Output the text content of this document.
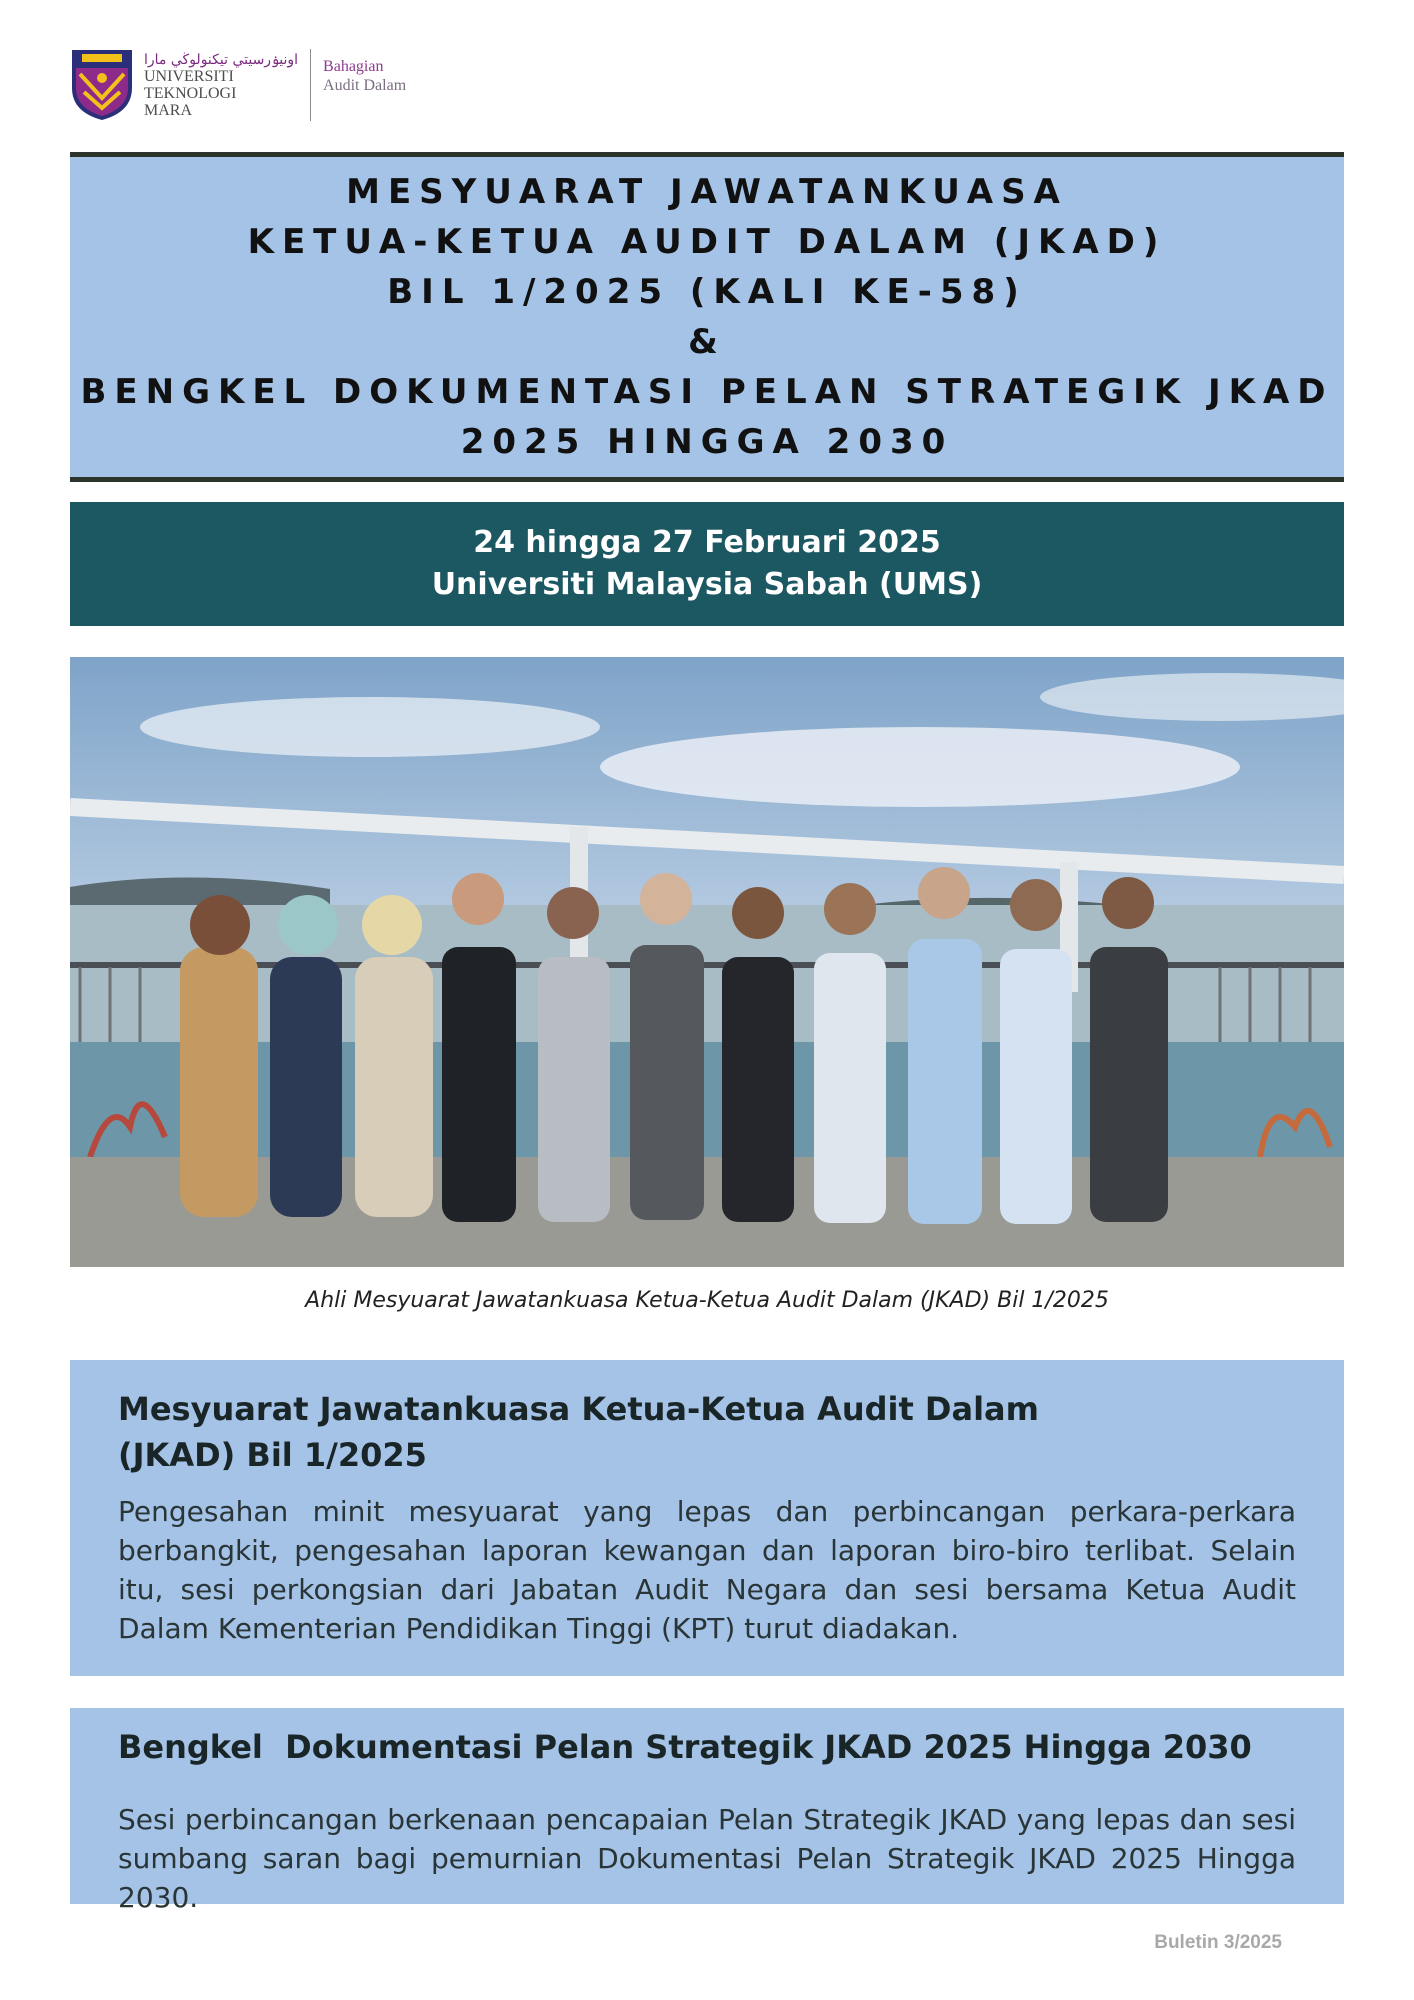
اونيۏرسيتي تيكنولوڬي مارا
UNIVERSITI
TEKNOLOGI
MARA
Bahagian
Audit Dalam
MESYUARAT JAWATANKUASA
KETUA-KETUA AUDIT DALAM (JKAD)
BIL 1/2025 (KALI KE-58)
&
BENGKEL DOKUMENTASI PELAN STRATEGIK JKAD
2025 HINGGA 2030
24 hingga 27 Februari 2025
Universiti Malaysia Sabah (UMS)
Ahli Mesyuarat Jawatankuasa Ketua-Ketua Audit Dalam (JKAD) Bil 1/2025
Mesyuarat Jawatankuasa Ketua-Ketua Audit Dalam
(JKAD) Bil 1/2025

Pengesahan minit mesyuarat yang lepas dan perbincangan perkara-perkara berbangkit, pengesahan laporan kewangan dan laporan biro-biro terlibat. Selain itu, sesi perkongsian dari Jabatan Audit Negara dan sesi bersama Ketua Audit Dalam Kementerian Pendidikan Tinggi (KPT) turut diadakan.

Bengkel  Dokumentasi Pelan Strategik JKAD 2025 Hingga 2030

Sesi perbincangan berkenaan pencapaian Pelan Strategik JKAD yang lepas dan sesi sumbang saran bagi pemurnian Dokumentasi Pelan Strategik JKAD 2025 Hingga 2030.

Buletin 3/2025
